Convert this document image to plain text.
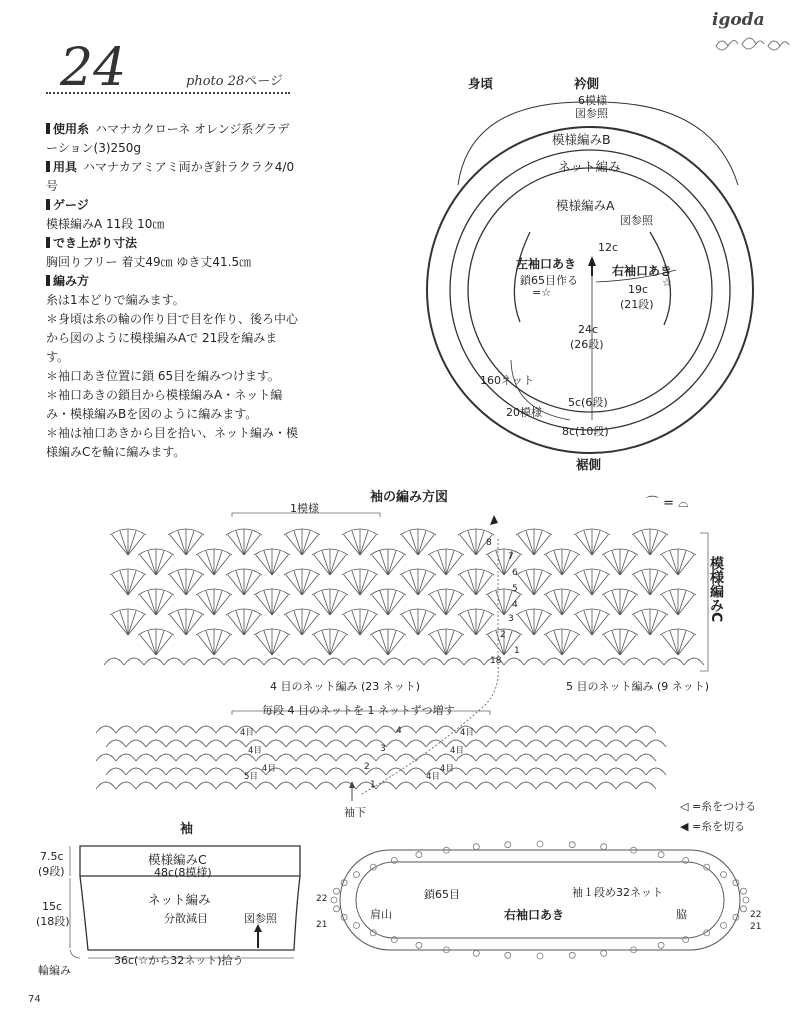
24	photo 28ページ
igoda
使用糸 ハマナカクローネ オレンジ系グラデーション(3)250g
用具 ハマナカアミアミ両かぎ針ラクラク4/0号
ゲージ
模様編みA 11段 10㎝
でき上がり寸法
胸回りフリー 着丈49㎝ ゆき丈41.5㎝
編み方
糸は1本どりで編みます。
＊身頃は糸の輪の作り目で目を作り、後ろ中心から図のように模様編みAで 21段を編みます。
＊袖口あき位置に鎖 65目を編みつけます。
＊袖口あきの鎖目から模様編みA・ネット編み・模様編みBを図のように編みます。
＊袖は袖口あきから目を拾い、ネット編み・模様編みCを輪に編みます。
身頃	衿側
6模様
図参照
模様編みB
ネット編み
模様編みA
図参照
12c
左袖口あき
鎖65目作る
=☆
右袖口あき
☆
19c
(21段)
24c
(26段)
160ネット
5c(6段)
20模様
8c(10段)
裾側
袖の編み方図	⌒ = ⌓
1模様
模様編みC
8
7
6
5
4
3
2
1
18
4 目のネット編み (23 ネット)	5 目のネット編み (9 ネット)
毎段 4 目のネットを 1 ネットずつ増す
4
3
2
1
4目
4目
4目
5目
4目
4目
4目
4目
袖下	◁ =糸をつける
◀ =糸を切る
袖
模様編みC
48c(8模様)
7.5c
(9段)
ネット編み
分散減目	図参照
15c
(18段)
36c(☆から32ネット)拾う
輪編み
鎖65目	袖１段め32ネット
肩山	右袖口あき	脇
22
21
22
21
74
